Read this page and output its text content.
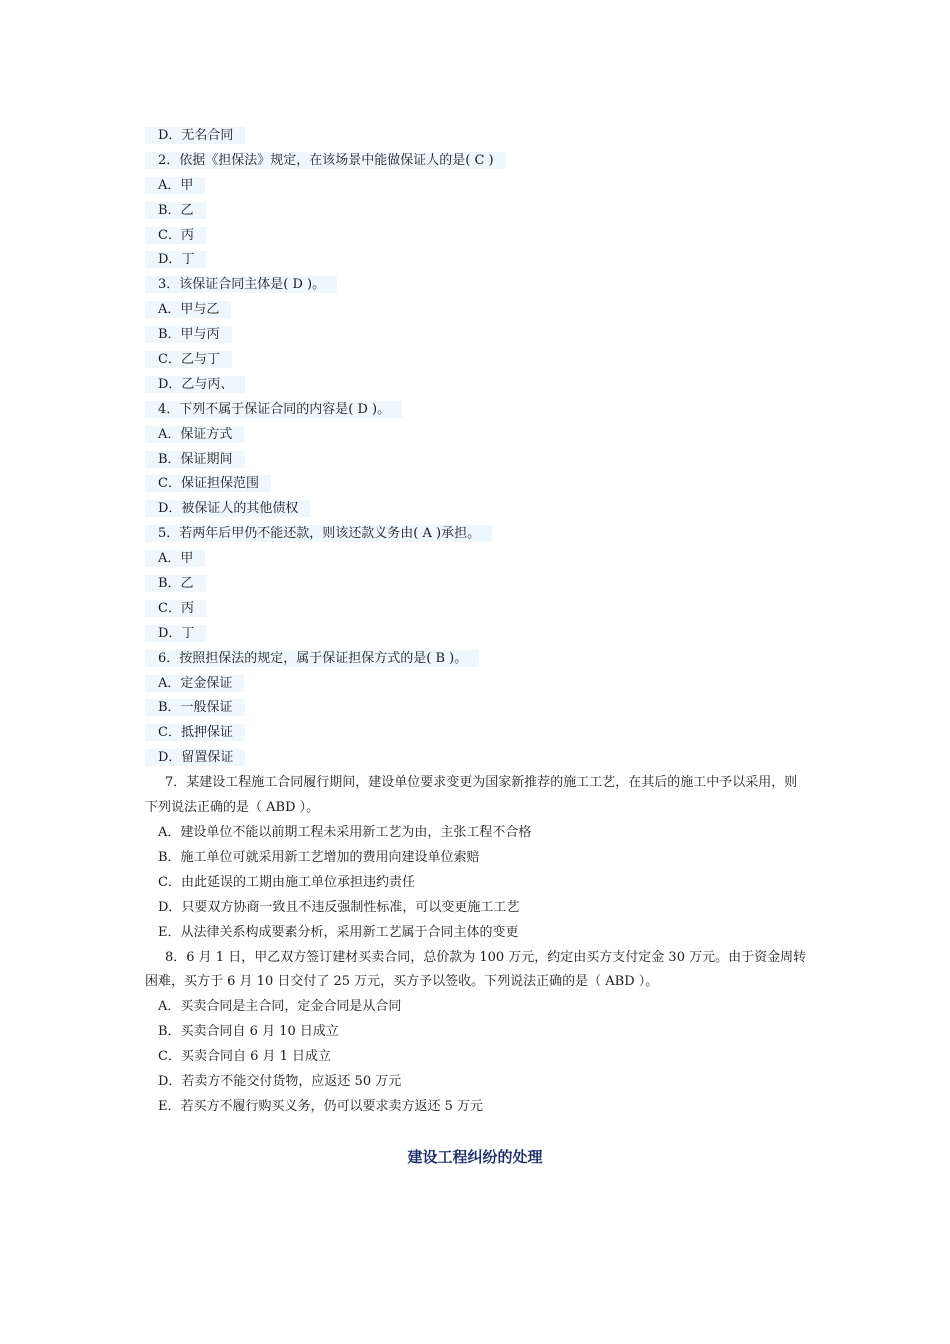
D．无名合同
2．依据《担保法》规定，在该场景中能做保证人的是( C )
A．甲
B．乙
C．丙
D．丁
3．该保证合同主体是( D )。
A．甲与乙
B．甲与丙
C．乙与丁
D．乙与丙、
4．下列不属于保证合同的内容是( D )。
A．保证方式
B．保证期间
C．保证担保范围
D．被保证人的其他债权
5．若两年后甲仍不能还款，则该还款义务由( A )承担。
A．甲
B．乙
C．丙
D．丁
6．按照担保法的规定，属于保证担保方式的是( B )。
A．定金保证
B．一般保证
C．抵押保证
D．留置保证
7．某建设工程施工合同履行期间，建设单位要求变更为国家新推荐的施工工艺，在其后的施工中予以采用，则下列说法正确的是（ ABD ）。
A．建设单位不能以前期工程未采用新工艺为由，主张工程不合格
B．施工单位可就采用新工艺增加的费用向建设单位索赔
C．由此延误的工期由施工单位承担违约责任
D．只要双方协商一致且不违反强制性标准，可以变更施工工艺
E．从法律关系构成要素分析，采用新工艺属于合同主体的变更
8．6 月 1 日，甲乙双方签订建材买卖合同，总价款为 100 万元，约定由买方支付定金 30 万元。由于资金周转困难，买方于 6 月 10 日交付了 25 万元，买方予以签收。下列说法正确的是（ ABD ）。
A．买卖合同是主合同，定金合同是从合同
B．买卖合同自 6 月 10 日成立
C．买卖合同自 6 月 1 日成立
D．若卖方不能交付货物，应返还 50 万元
E．若买方不履行购买义务，仍可以要求卖方返还 5 万元
建设工程纠纷的处理
